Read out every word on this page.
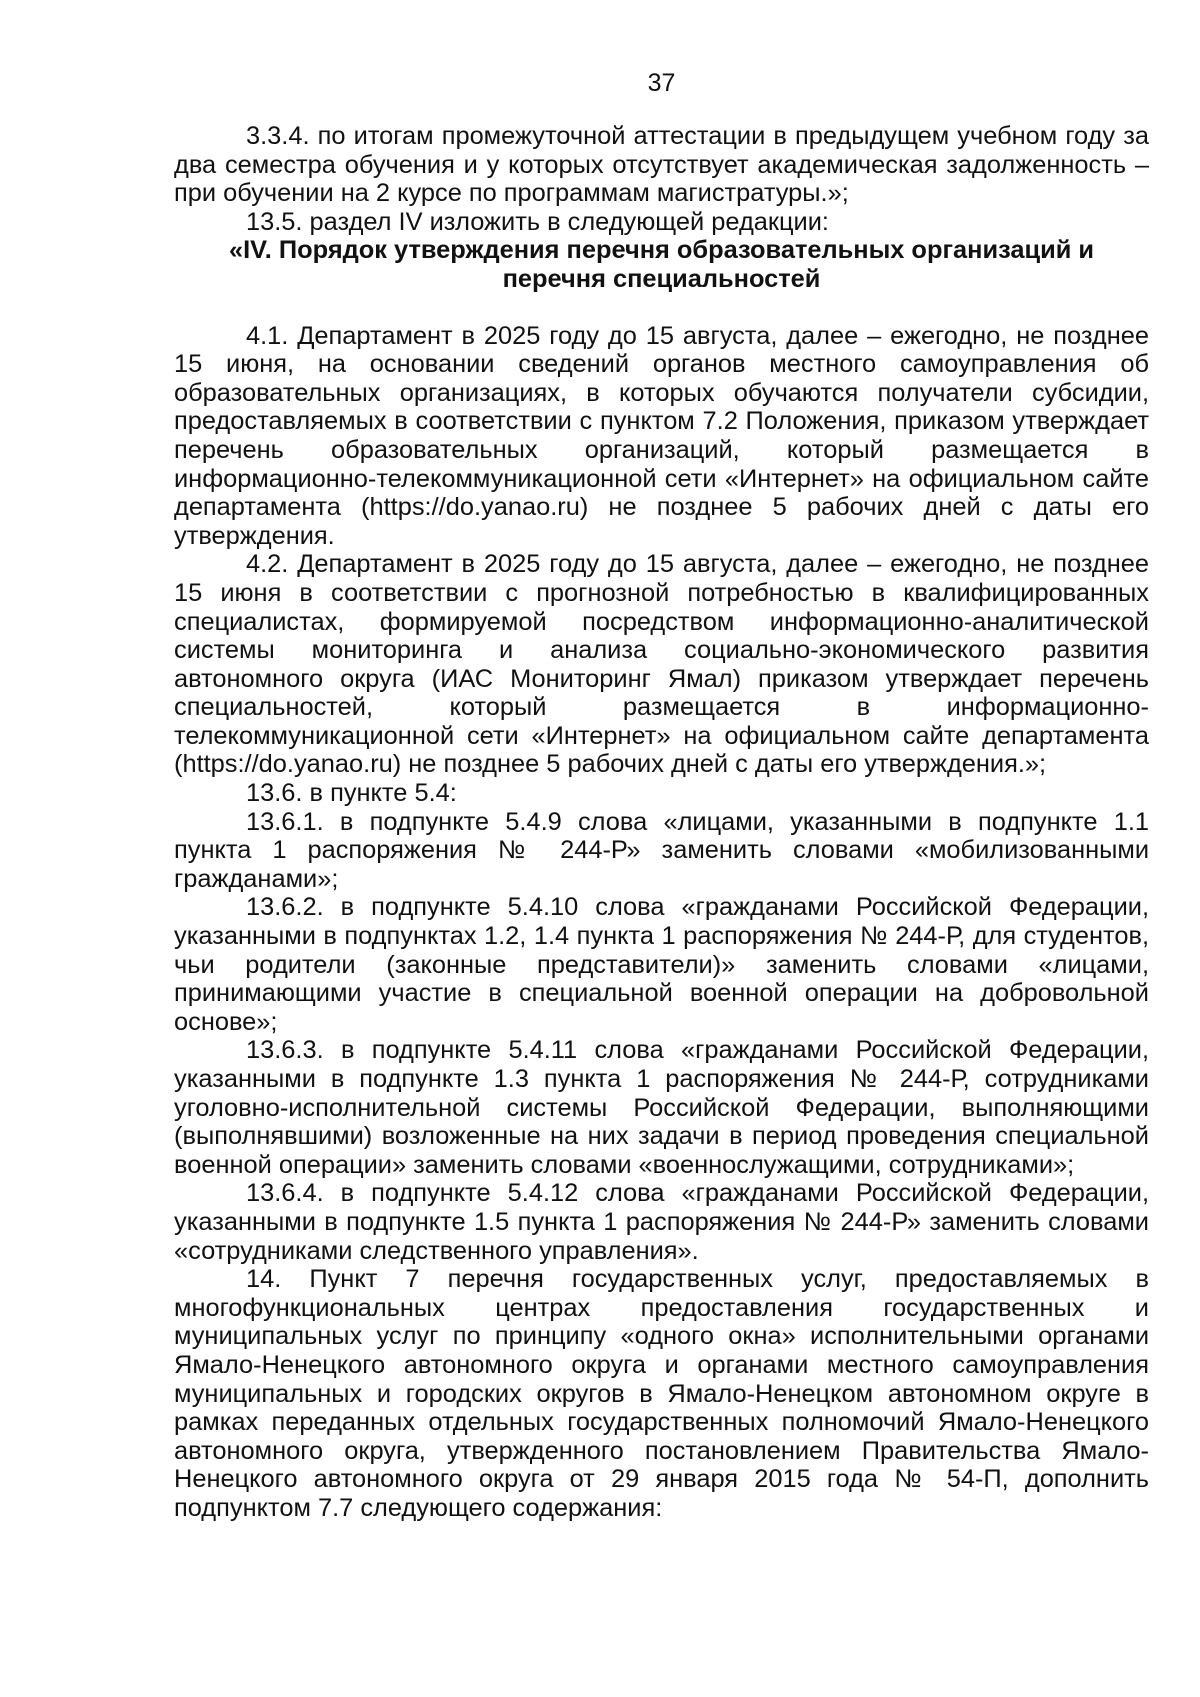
37

3.3.4. по итогам промежуточной аттестации в предыдущем учебном году за два семестра обучения и у которых отсутствует академическая задолженность – при обучении на 2 курсе по программам магистратуры.»;

13.5. раздел IV изложить в следующей редакции:

«IV. Порядок утверждения перечня образовательных организаций и перечня специальностей

4.1. Департамент в 2025 году до 15 августа, далее – ежегодно, не позднее 15 июня, на основании сведений органов местного самоуправления об образовательных организациях, в которых обучаются получатели субсидии, предоставляемых в соответствии с пунктом 7.2 Положения, приказом утверждает перечень образовательных организаций, который размещается в информационно-телекоммуникационной сети «Интернет» на официальном сайте департамента (https://do.yanao.ru) не позднее 5 рабочих дней с даты его утверждения.

4.2. Департамент в 2025 году до 15 августа, далее – ежегодно, не позднее 15 июня в соответствии с прогнозной потребностью в квалифицированных специалистах, формируемой посредством информационно-аналитической системы мониторинга и анализа социально-экономического развития автономного округа (ИАС Мониторинг Ямал) приказом утверждает перечень специальностей, который размещается в информационно-телекоммуникационной сети «Интернет» на официальном сайте департамента (https://do.yanao.ru) не позднее 5 рабочих дней с даты его утверждения.»;

13.6. в пункте 5.4:

13.6.1. в подпункте 5.4.9 слова «лицами, указанными в подпункте 1.1 пункта 1 распоряжения № 244-Р» заменить словами «мобилизованными гражданами»;

13.6.2. в подпункте 5.4.10 слова «гражданами Российской Федерации, указанными в подпунктах 1.2, 1.4 пункта 1 распоряжения № 244-Р, для студентов, чьи родители (законные представители)» заменить словами «лицами, принимающими участие в специальной военной операции на добровольной основе»;

13.6.3. в подпункте 5.4.11 слова «гражданами Российской Федерации, указанными в подпункте 1.3 пункта 1 распоряжения № 244-Р, сотрудниками уголовно-исполнительной системы Российской Федерации, выполняющими (выполнявшими) возложенные на них задачи в период проведения специальной военной операции» заменить словами «военнослужащими, сотрудниками»;

13.6.4. в подпункте 5.4.12 слова «гражданами Российской Федерации, указанными в подпункте 1.5 пункта 1 распоряжения № 244-Р» заменить словами «сотрудниками следственного управления».

14. Пункт 7 перечня государственных услуг, предоставляемых в многофункциональных центрах предоставления государственных и муниципальных услуг по принципу «одного окна» исполнительными органами Ямало-Ненецкого автономного округа и органами местного самоуправления муниципальных и городских округов в Ямало-Ненецком автономном округе в рамках переданных отдельных государственных полномочий Ямало-Ненецкого автономного округа, утвержденного постановлением Правительства Ямало-Ненецкого автономного округа от 29 января 2015 года № 54-П, дополнить подпунктом 7.7 следующего содержания:
